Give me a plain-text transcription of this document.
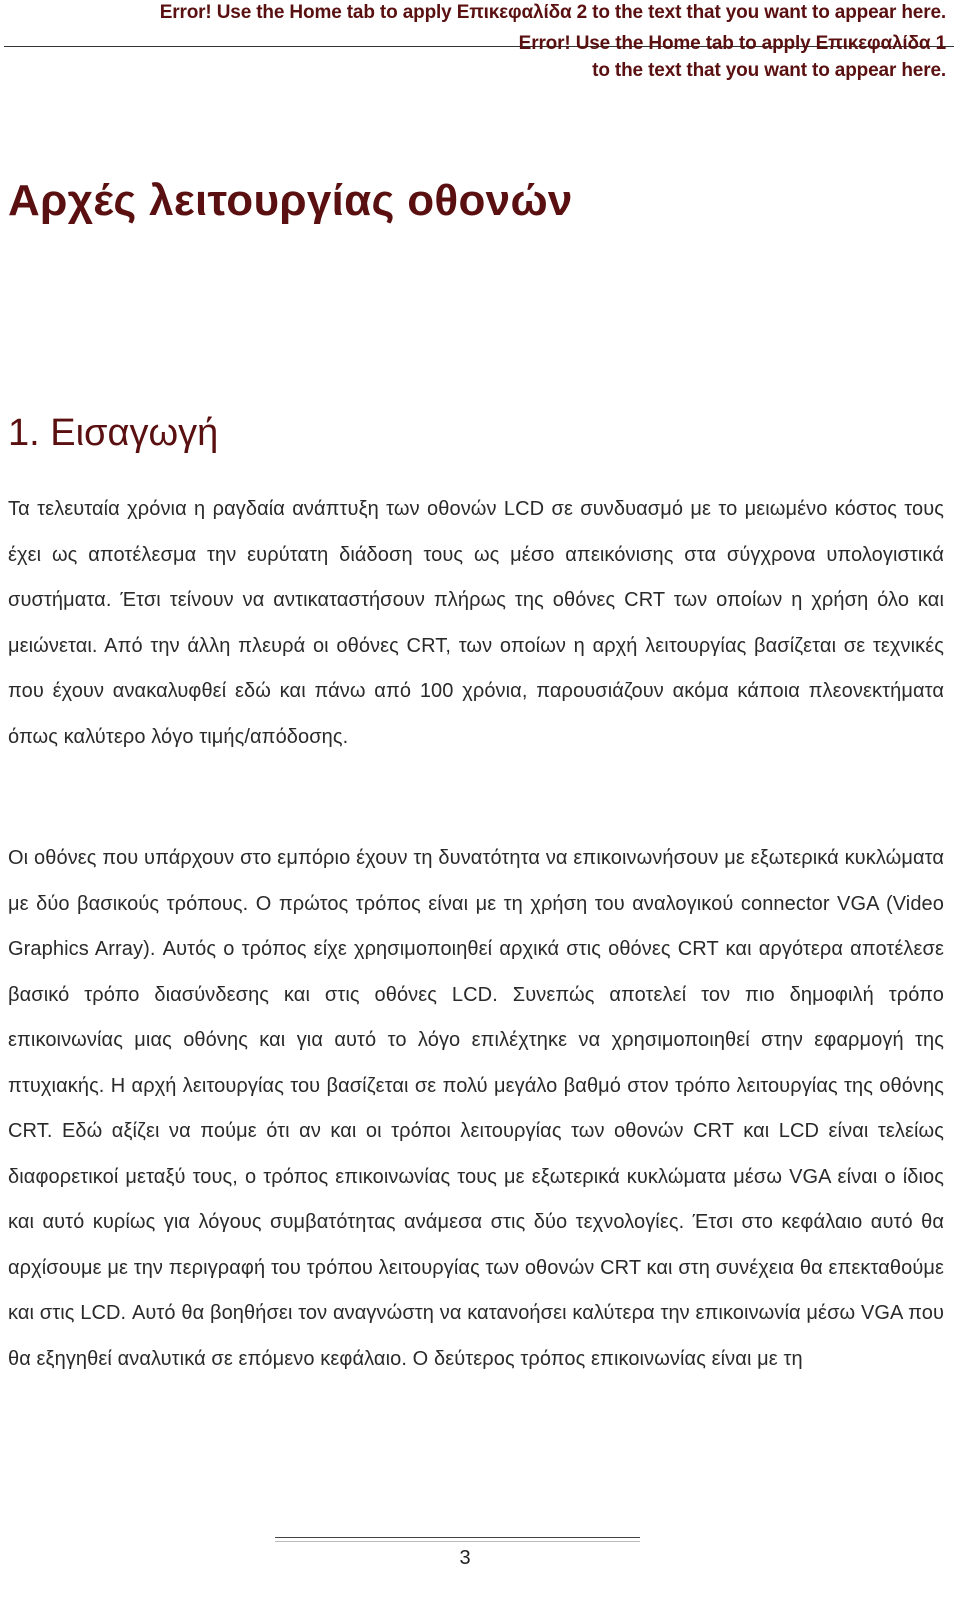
Error! Use the Home tab to apply Επικεφαλίδα 2 to the text that you want to appear here.
Error! Use the Home tab to apply Επικεφαλίδα 1
to the text that you want to appear here.
Αρχές λειτουργίας οθονών
1. Εισαγωγή

Τα τελευταία χρόνια η ραγδαία ανάπτυξη των οθονών LCD σε συνδυασμό με το μειωμένο κόστος τους έχει ως αποτέλεσμα την ευρύτατη διάδοση τους ως μέσο απεικόνισης στα σύγχρονα υπολογιστικά συστήματα. Έτσι τείνουν να αντικαταστήσουν πλήρως της οθόνες CRT των οποίων η χρήση όλο και μειώνεται. Από την άλλη πλευρά οι οθόνες CRT, των οποίων η αρχή λειτουργίας βασίζεται σε τεχνικές που έχουν ανακαλυφθεί εδώ και πάνω από 100 χρόνια, παρουσιάζουν ακόμα κάποια πλεονεκτήματα όπως καλύτερο λόγο τιμής/απόδοσης.

Οι οθόνες που υπάρχουν στο εμπόριο έχουν τη δυνατότητα να επικοινωνήσουν με εξωτερικά κυκλώματα με δύο βασικούς τρόπους. Ο πρώτος τρόπος είναι με τη χρήση του αναλογικού connector VGA (Video Graphics Array). Αυτός ο τρόπος είχε χρησιμοποιηθεί αρχικά στις οθόνες CRT και αργότερα αποτέλεσε βασικό τρόπο διασύνδεσης και στις οθόνες LCD. Συνεπώς αποτελεί τον πιο δημοφιλή τρόπο επικοινωνίας μιας οθόνης και για αυτό το λόγο επιλέχτηκε να χρησιμοποιηθεί στην εφαρμογή της πτυχιακής. Η αρχή λειτουργίας του βασίζεται σε πολύ μεγάλο βαθμό στον τρόπο λειτουργίας της οθόνης CRT. Εδώ αξίζει να πούμε ότι αν και οι τρόποι λειτουργίας των οθονών CRT και LCD είναι τελείως διαφορετικοί μεταξύ τους, ο τρόπος επικοινωνίας τους με εξωτερικά κυκλώματα μέσω VGA είναι ο ίδιος και αυτό κυρίως για λόγους συμβατότητας ανάμεσα στις δύο τεχνολογίες. Έτσι στο κεφάλαιο αυτό θα αρχίσουμε με την περιγραφή του τρόπου λειτουργίας των οθονών CRT και στη συνέχεια θα επεκταθούμε και στις LCD. Αυτό θα βοηθήσει τον αναγνώστη να κατανοήσει καλύτερα την επικοινωνία μέσω VGA που θα εξηγηθεί αναλυτικά σε επόμενο κεφάλαιο. Ο δεύτερος τρόπος επικοινωνίας είναι με τη

3
